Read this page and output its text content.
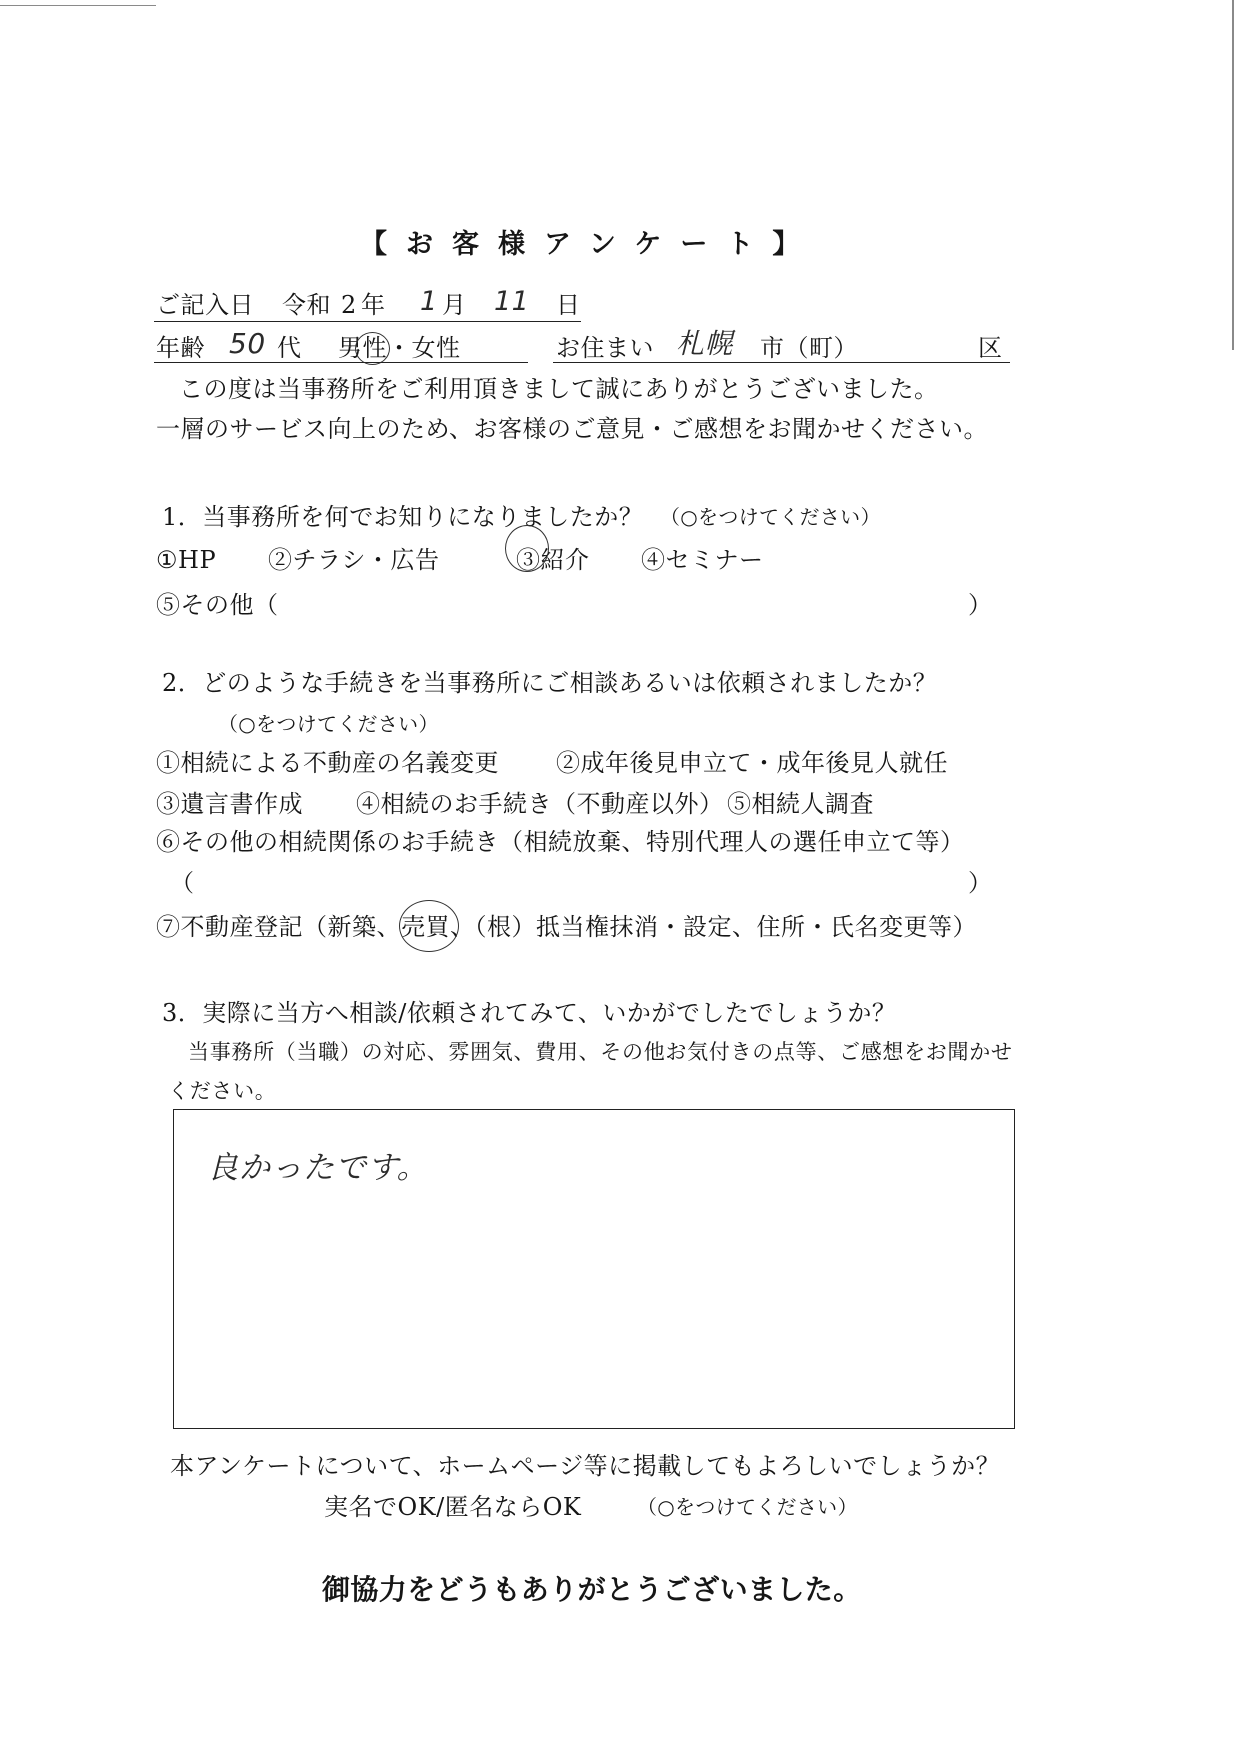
【お客様アンケート】
ご記入日 令和 2 年 1 月 11 日
年齢 50 代 男性
・女性	お住まい 札幌 市（町）	区
この度は当事務所をご利用頂きまして誠にありがとうございました。
一層のサービス向上のため、お客様のご意見・ご感想をお聞かせください。
1．当事務所を何でお知りになりましたか？ （○をつけてください）
①HP ②チラシ・広告	③紹介 ④セミナー
⑤その他（	）
2．どのような手続きを当事務所にご相談あるいは依頼されましたか？
（○をつけてください）
①相続による不動産の名義変更 ②成年後見申立て・成年後見人就任
③遺言書作成 ④相続のお手続き（不動産以外） ⑤相続人調査
⑥その他の相続関係のお手続き（相続放棄、特別代理人の選任申立て等）
（	）
⑦不動産登記（新築、売買
、（根）抵当権抹消・設定、住所・氏名変更等）
3．実際に当方へ相談/依頼されてみて、いかがでしたでしょうか？
当事務所（当職）の対応、雰囲気、費用、その他お気付きの点等、ご感想をお聞かせ
ください。
良かったです。
本アンケートについて、ホームページ等に掲載してもよろしいでしょうか？
実名でOK/匿名ならOK	（○をつけてください）
御協力をどうもありがとうございました。
